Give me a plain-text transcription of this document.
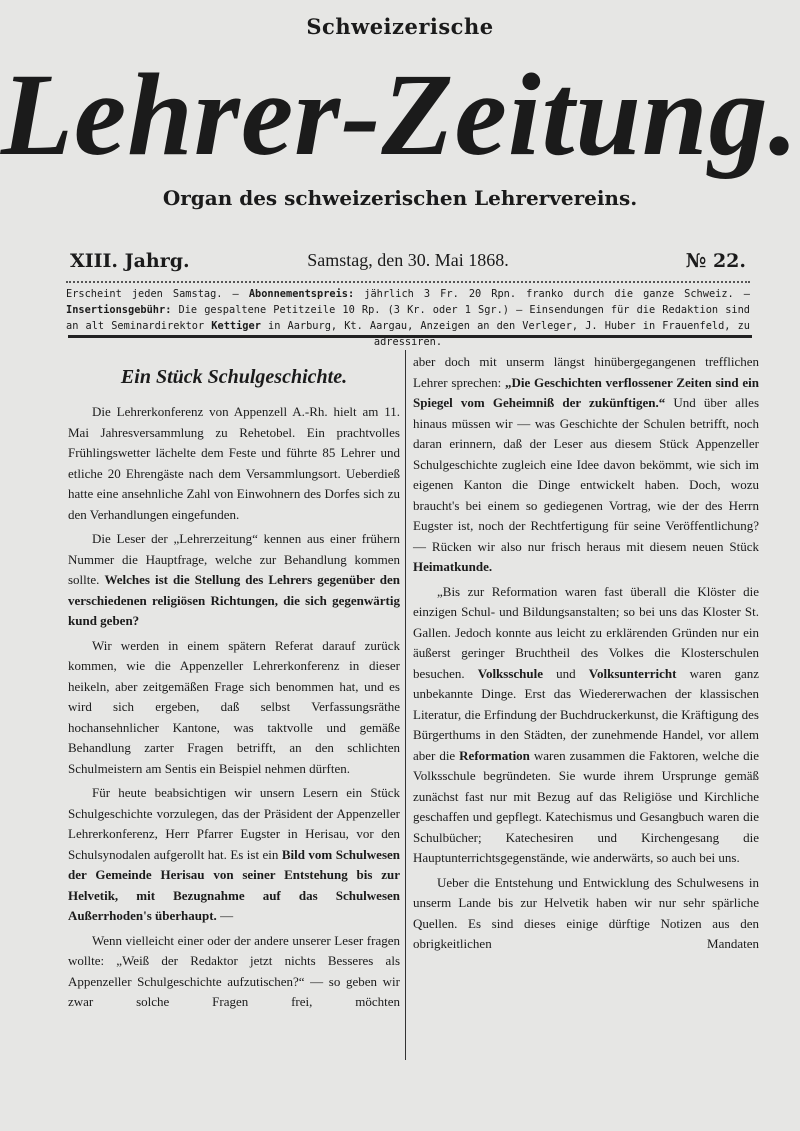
Schweizerische
Lehrer-Zeitung.
Organ des schweizerischen Lehrervereins.
Samstag, den 30. Mai 1868.
XIII. Jahrg.	№ 22.
Erscheint jeden Samstag. — Abonnementspreis: jährlich 3 Fr. 20 Rpn. franko durch die ganze Schweiz. — Insertionsgebühr: Die gespaltene Petitzeile 10 Rp. (3 Kr. oder 1 Sgr.) — Einsendungen für die Redaktion sind an alt Seminardirektor Kettiger in Aarburg, Kt. Aargau, Anzeigen an den Verleger, J. Huber in Frauenfeld, zu adressiren.
Ein Stück Schulgeschichte.

Die Lehrerkonferenz von Appenzell A.-Rh. hielt am 11. Mai Jahresversammlung zu Rehetobel. Ein prachtvolles Frühlingswetter lächelte dem Feste und führte 85 Lehrer und etliche 20 Ehrengäste nach dem Versammlungsort. Ueberdieß hatte eine ansehnliche Zahl von Einwohnern des Dorfes sich zu den Verhandlungen eingefunden.

Die Leser der „Lehrerzeitung“ kennen aus einer frühern Nummer die Hauptfrage, welche zur Behandlung kommen sollte. Welches ist die Stellung des Lehrers gegenüber den verschiedenen religiösen Richtungen, die sich gegenwärtig kund geben?

Wir werden in einem spätern Referat darauf zurück kommen, wie die Appenzeller Lehrerkonferenz in dieser heikeln, aber zeitgemäßen Frage sich benommen hat, und es wird sich ergeben, daß selbst Verfassungsräthe hochansehnlicher Kantone, was taktvolle und gemäße Behandlung zarter Fragen betrifft, an den schlichten Schulmeistern am Sentis ein Beispiel nehmen dürften.

Für heute beabsichtigen wir unsern Lesern ein Stück Schulgeschichte vorzulegen, das der Präsident der Appenzeller Lehrerkonferenz, Herr Pfarrer Eugster in Herisau, vor den Schulsynodalen aufgerollt hat. Es ist ein Bild vom Schulwesen der Gemeinde Herisau von seiner Entstehung bis zur Helvetik, mit Bezugnahme auf das Schulwesen Außerrhoden's überhaupt. —

Wenn vielleicht einer oder der andere unserer Leser fragen wollte: „Weiß der Redaktor jetzt nichts Besseres als Appenzeller Schulgeschichte aufzutischen?“ — so geben wir zwar solche Fragen frei, möchten

aber doch mit unserm längst hinübergegangenen trefflichen Lehrer sprechen: „Die Geschichten verflossener Zeiten sind ein Spiegel vom Geheimniß der zukünftigen.“ Und über alles hinaus müssen wir — was Geschichte der Schulen betrifft, noch daran erinnern, daß der Leser aus diesem Stück Appenzeller Schulgeschichte zugleich eine Idee davon bekömmt, wie sich im eigenen Kanton die Dinge entwickelt haben. Doch, wozu braucht's bei einem so gediegenen Vortrag, wie der des Herrn Eugster ist, noch der Rechtfertigung für seine Veröffentlichung? — Rücken wir also nur frisch heraus mit diesem neuen Stück Heimatkunde.

„Bis zur Reformation waren fast überall die Klöster die einzigen Schul- und Bildungsanstalten; so bei uns das Kloster St. Gallen. Jedoch konnte aus leicht zu erklärenden Gründen nur ein äußerst geringer Bruchtheil des Volkes die Klosterschulen besuchen. Volksschule und Volksunterricht waren ganz unbekannte Dinge. Erst das Wiedererwachen der klassischen Literatur, die Erfindung der Buchdruckerkunst, die Kräftigung des Bürgerthums in den Städten, der zunehmende Handel, vor allem aber die Reformation waren zusammen die Faktoren, welche die Volksschule begründeten. Sie wurde ihrem Ursprunge gemäß zunächst fast nur mit Bezug auf das Religiöse und Kirchliche geschaffen und gepflegt. Katechismus und Gesangbuch waren die Schulbücher; Katechesiren und Kirchengesang die Hauptunterrichtsgegenstände, wie anderwärts, so auch bei uns.

Ueber die Entstehung und Entwicklung des Schulwesens in unserm Lande bis zur Helvetik haben wir nur sehr spärliche Quellen. Es sind dieses einige dürftige Notizen aus den obrigkeitlichen Mandaten
